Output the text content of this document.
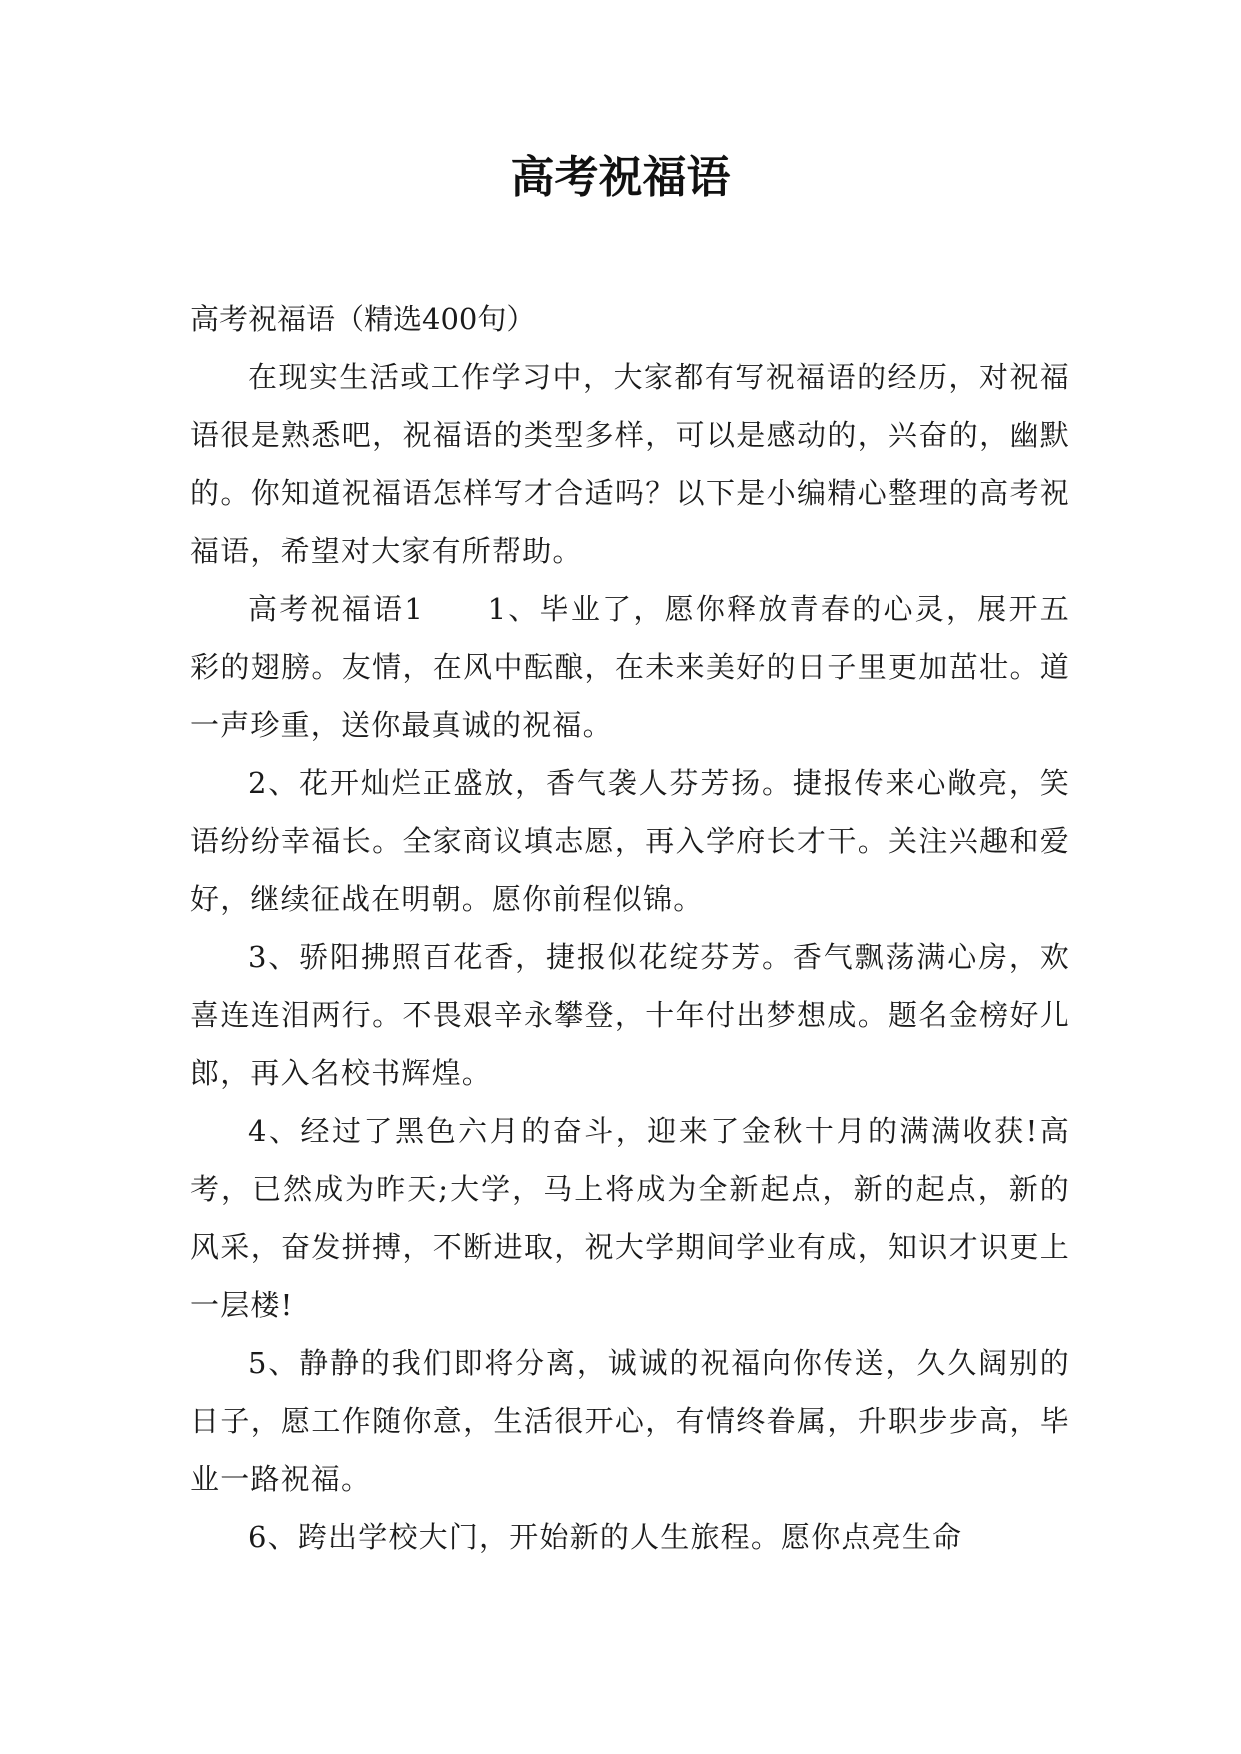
高考祝福语

高考祝福语（精选400句）

在现实生活或工作学习中，大家都有写祝福语的经历，对祝福语很是熟悉吧，祝福语的类型多样，可以是感动的，兴奋的，幽默的。你知道祝福语怎样写才合适吗？以下是小编精心整理的高考祝福语，希望对大家有所帮助。

高考祝福语1　　1、毕业了，愿你释放青春的心灵，展开五彩的翅膀。友情，在风中酝酿，在未来美好的日子里更加茁壮。道一声珍重，送你最真诚的祝福。

2、花开灿烂正盛放，香气袭人芬芳扬。捷报传来心敞亮，笑语纷纷幸福长。全家商议填志愿，再入学府长才干。关注兴趣和爱好，继续征战在明朝。愿你前程似锦。

3、骄阳拂照百花香，捷报似花绽芬芳。香气飘荡满心房，欢喜连连泪两行。不畏艰辛永攀登，十年付出梦想成。题名金榜好儿郎，再入名校书辉煌。

4、经过了黑色六月的奋斗，迎来了金秋十月的满满收获!高考，已然成为昨天;大学，马上将成为全新起点，新的起点，新的风采，奋发拼搏，不断进取，祝大学期间学业有成，知识才识更上一层楼!

5、静静的我们即将分离，诚诚的祝福向你传送，久久阔别的日子，愿工作随你意，生活很开心，有情终眷属，升职步步高，毕业一路祝福。

6、跨出学校大门，开始新的人生旅程。愿你点亮生命
